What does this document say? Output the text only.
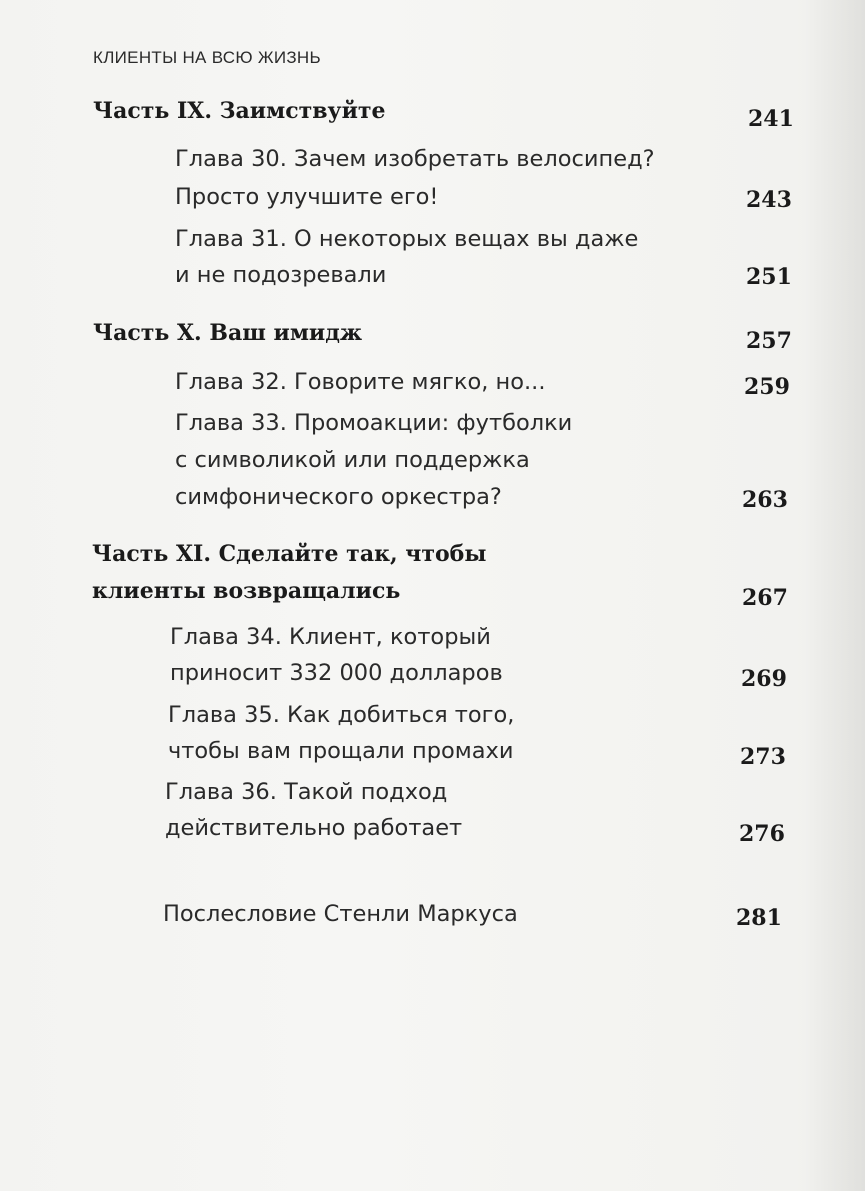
КЛИЕНТЫ НА ВСЮ ЖИЗНЬ
Часть IX. Заимствуйте	241
Глава 30. Зачем изобретать велосипед?
Просто улучшите его!	243
Глава 31. О некоторых вещах вы даже
и не подозревали	251
Часть X. Ваш имидж	257
Глава 32. Говорите мягко, но...	259
Глава 33. Промоакции: футболки
с символикой или поддержка
симфонического оркестра?	263
Часть XI. Сделайте так, чтобы
клиенты возвращались	267
Глава 34. Клиент, который
приносит 332 000 долларов	269
Глава 35. Как добиться того,
чтобы вам прощали промахи	273
Глава 36. Такой подход
действительно работает	276
Послесловие Стенли Маркуса	281
